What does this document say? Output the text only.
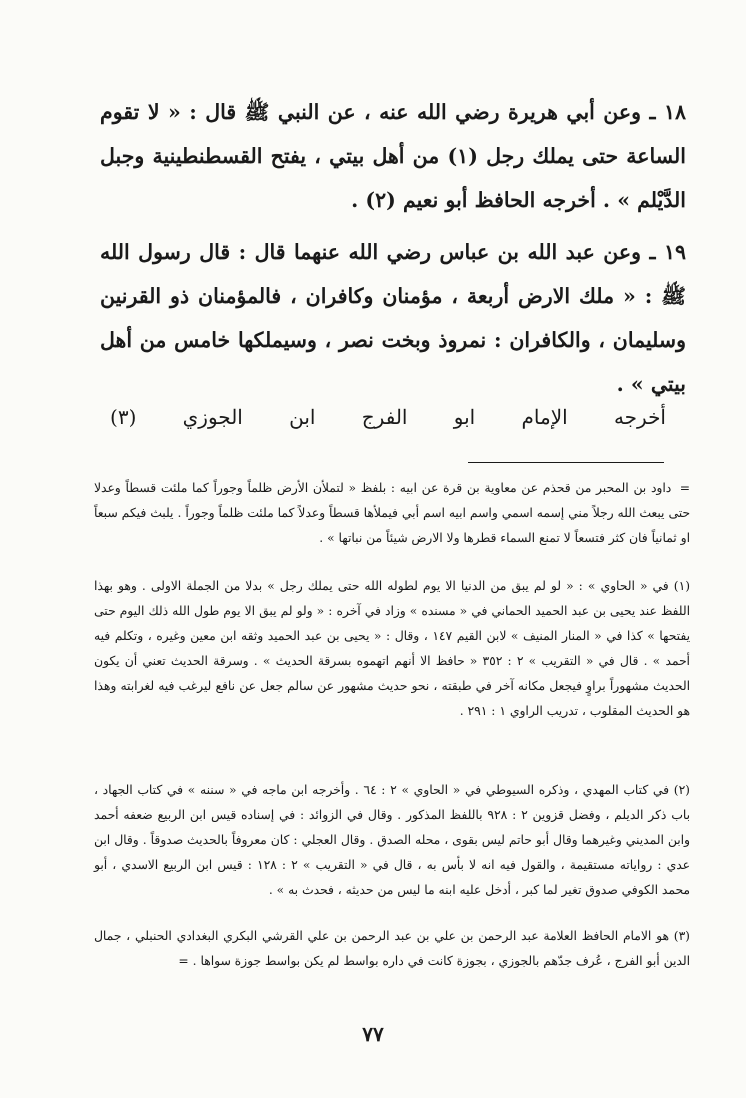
١٨ ـ وعن أبي هريرة رضي الله عنه ، عن النبي ﷺ قال : « لا تقوم الساعة حتى يملك رجل (١) من أهل بيتي ، يفتح القسطنطينية وجبل الدَّيْلم » . أخرجه الحافظ أبو نعيم (٢) .
١٩ ـ وعن عبد الله بن عباس رضي الله عنهما قال : قال رسول الله ﷺ : « ملك الارض أربعة ، مؤمنان وكافران ، فالمؤمنان ذو القرنين وسليمان ، والكافران : نمروذ وبخت نصر ، وسيملكها خامس من أهل بيتي » .
أخرجه الإمام ابو الفرج ابن الجوزي (٣)
= داود بن المحبر من قحذم عن معاوية بن قرة عن ابيه : بلفظ « لتملأن الأرض ظلماً وجوراً كما ملئت قسطاً وعدلا حتى يبعث الله رجلاً مني إسمه اسمي واسم ابيه اسم أبي فيملأها قسطاً وعدلاً كما ملئت ظلماً وجوراً . يلبث فيكم سبعاً او ثمانياً فان كثر فتسعاً لا تمنع السماء قطرها ولا الارض شيئاً من نباتها » .
(١) في « الحاوي » : « لو لم يبق من الدنيا الا يوم لطوله الله حتى يملك رجل » بدلا من الجملة الاولى . وهو بهذا اللفظ عند يحيى بن عبد الحميد الحماني في « مسنده » وزاد في آخره : « ولو لم يبق الا يوم طول الله ذلك اليوم حتى يفتحها » كذا في « المنار المنيف » لابن القيم ١٤٧ ، وقال : « يحيى بن عبد الحميد وثقه ابن معين وغيره ، وتكلم فيه أحمد » . قال في « التقريب » ٢ : ٣٥٢ « حافظ الا أنهم اتهموه بسرقة الحديث » . وسرقة الحديث تعني أن يكون الحديث مشهوراً براوٍ فيجعل مكانه آخر في طبقته ، نحو حديث مشهور عن سالم جعل عن نافع ليرغب فيه لغرابته وهذا هو الحديث المقلوب ، تدريب الراوي ١ : ٢٩١ .
(٢) في كتاب المهدي ، وذكره السيوطي في « الحاوي » ٢ : ٦٤ . وأخرجه ابن ماجه في « سننه » في كتاب الجهاد ، باب ذكر الديلم ، وفضل قزوين ٢ : ٩٢٨ باللفظ المذكور . وقال في الزوائد : في إسناده قيس ابن الربيع ضعفه أحمد وابن المديني وغيرهما وقال أبو حاتم ليس بقوى ، محله الصدق . وقال العجلي : كان معروفاً بالحديث صدوقاً . وقال ابن عدي : رواياته مستقيمة ، والقول فيه انه لا بأس به ، قال في « التقريب » ٢ : ١٢٨ : قيس ابن الربيع الاسدي ، أبو محمد الكوفي صدوق تغير لما كبر ، أدخل عليه ابنه ما ليس من حديثه ، فحدث به » .
(٣) هو الامام الحافظ العلامة عبد الرحمن بن علي بن عبد الرحمن بن علي القرشي البكري البغدادي الحنبلي ، جمال الدين أبو الفرج ، عُرف جدّهم بالجوزي ، بجوزة كانت في داره بواسط لم يكن بواسط جوزة سواها . =
٧٧
